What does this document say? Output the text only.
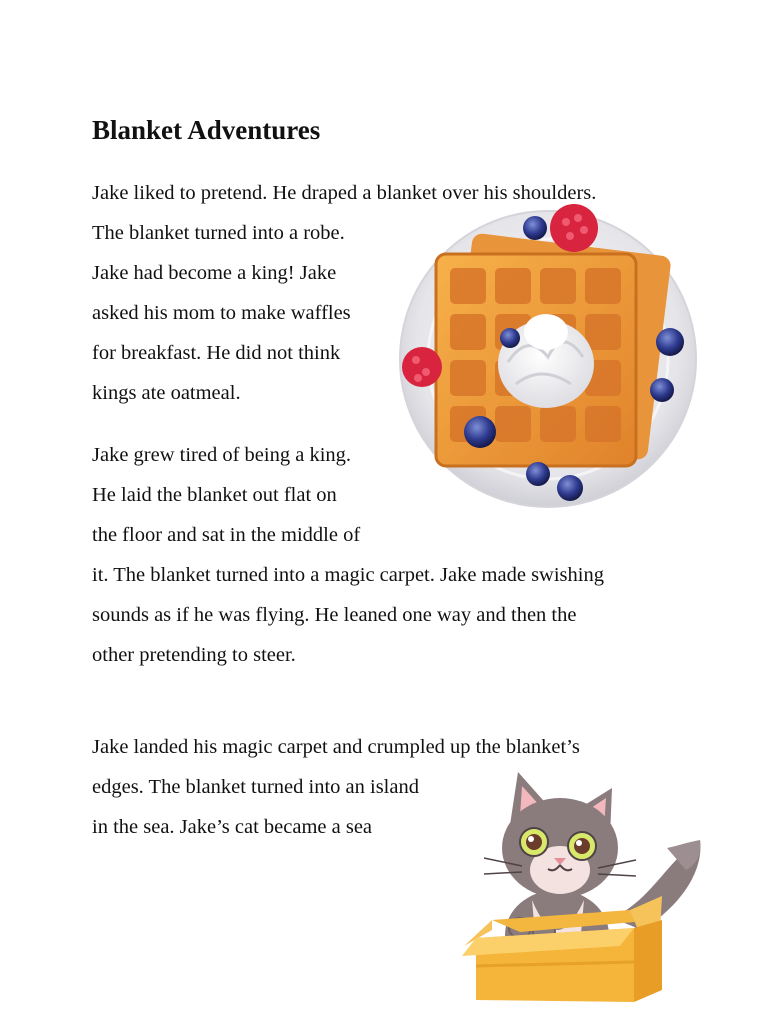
Blanket Adventures

Jake liked to pretend. He draped a blanket over his shoulders.

The blanket turned into a robe.

Jake had become a king! Jake

asked his mom to make waffles

for breakfast. He did not think

kings ate oatmeal.

Jake grew tired of being a king.

He laid the blanket out flat on

the floor and sat in the middle of

it. The blanket turned into a magic carpet. Jake made swishing

sounds as if he was flying. He leaned one way and then the

other pretending to steer.

Jake landed his magic carpet and crumpled up the blanket’s

edges. The blanket turned into an island

in the sea. Jake’s cat became a sea
